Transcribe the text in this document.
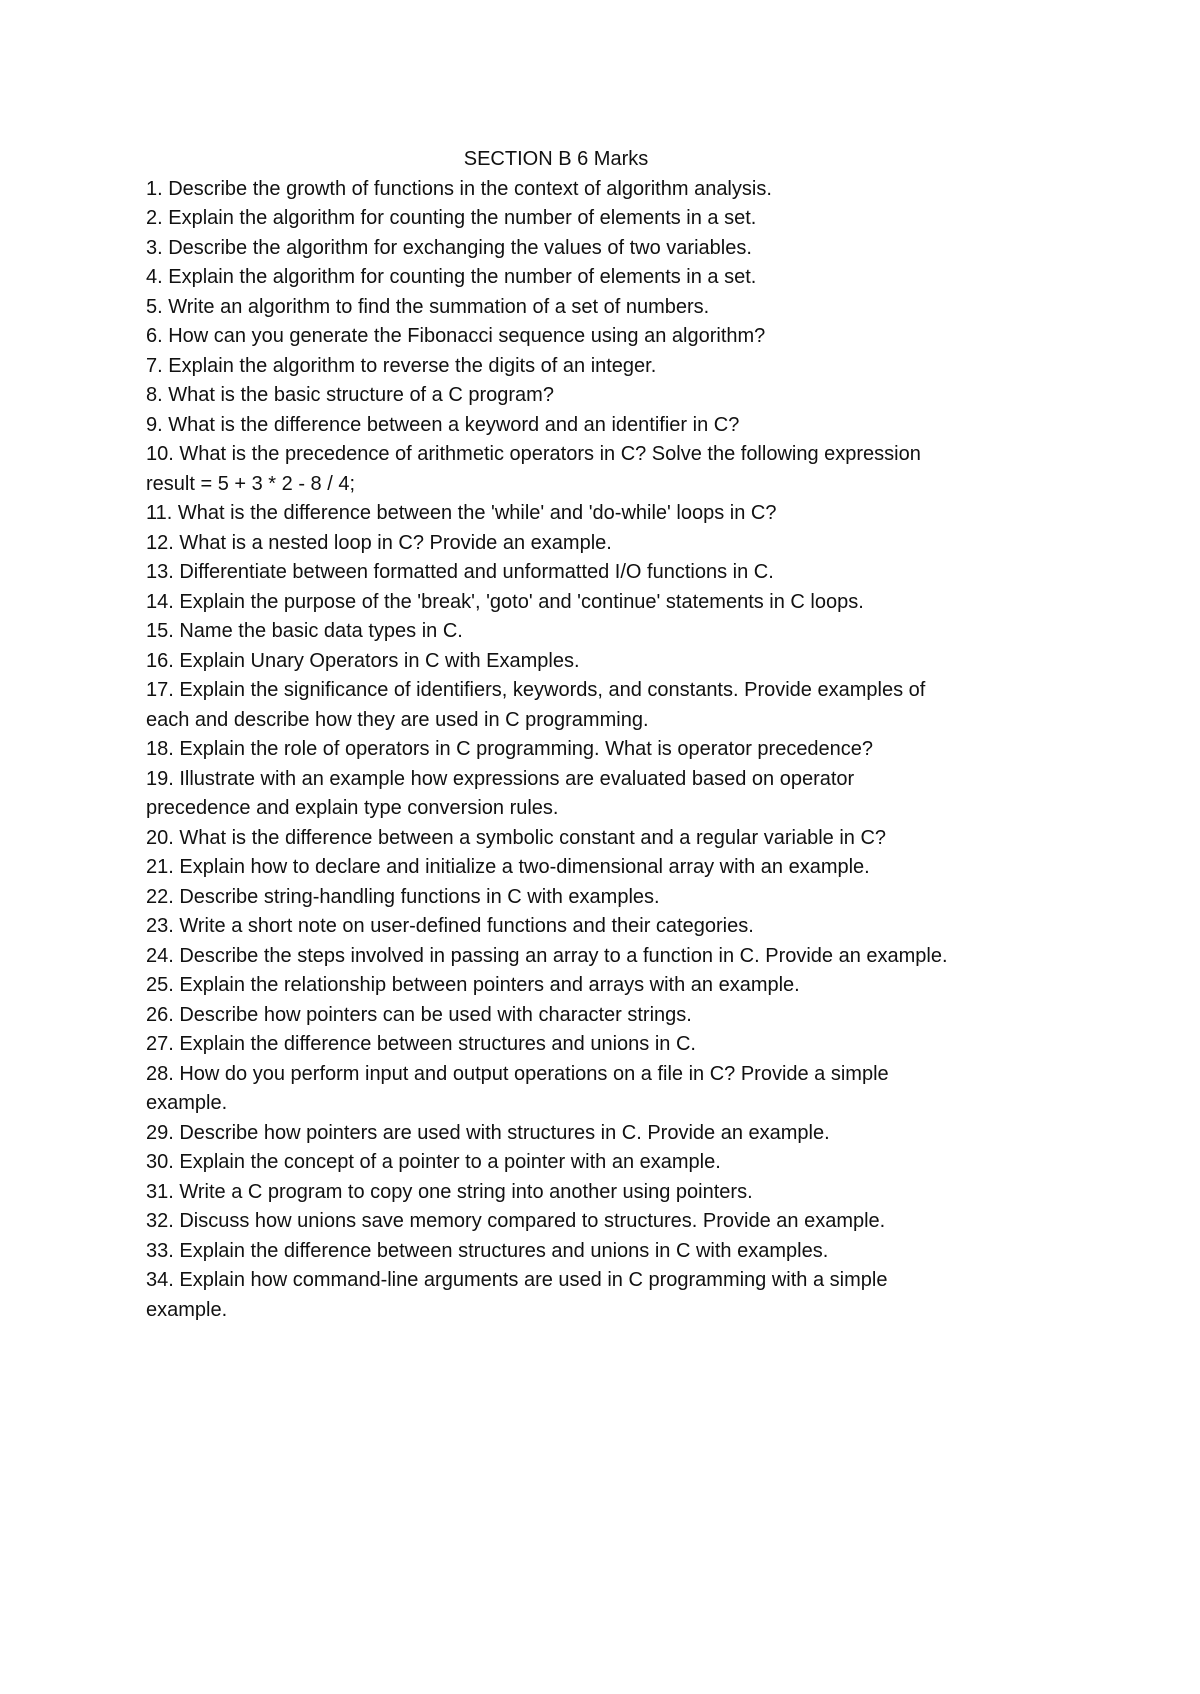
SECTION B 6 Marks
1. Describe the growth of functions in the context of algorithm analysis.
2. Explain the algorithm for counting the number of elements in a set.
3. Describe the algorithm for exchanging the values of two variables.
4. Explain the algorithm for counting the number of elements in a set.
5. Write an algorithm to find the summation of a set of numbers.
6. How can you generate the Fibonacci sequence using an algorithm?
7. Explain the algorithm to reverse the digits of an integer.
8. What is the basic structure of a C program?
9. What is the difference between a keyword and an identifier in C?
10. What is the precedence of arithmetic operators in C? Solve the following expression
result = 5 + 3 * 2 - 8 / 4;
11. What is the difference between the 'while' and 'do-while' loops in C?
12. What is a nested loop in C? Provide an example.
13. Differentiate between formatted and unformatted I/O functions in C.
14. Explain the purpose of the 'break', 'goto' and 'continue' statements in C loops.
15. Name the basic data types in C.
16. Explain Unary Operators in C with Examples.
17. Explain the significance of identifiers, keywords, and constants. Provide examples of
each and describe how they are used in C programming.
18. Explain the role of operators in C programming. What is operator precedence?
19. Illustrate with an example how expressions are evaluated based on operator
precedence and explain type conversion rules.
20. What is the difference between a symbolic constant and a regular variable in C?
21. Explain how to declare and initialize a two-dimensional array with an example.
22. Describe string-handling functions in C with examples.
23. Write a short note on user-defined functions and their categories.
24. Describe the steps involved in passing an array to a function in C. Provide an example.
25. Explain the relationship between pointers and arrays with an example.
26. Describe how pointers can be used with character strings.
27. Explain the difference between structures and unions in C.
28. How do you perform input and output operations on a file in C? Provide a simple
example.
29. Describe how pointers are used with structures in C. Provide an example.
30. Explain the concept of a pointer to a pointer with an example.
31. Write a C program to copy one string into another using pointers.
32. Discuss how unions save memory compared to structures. Provide an example.
33. Explain the difference between structures and unions in C with examples.
34. Explain how command-line arguments are used in C programming with a simple
example.
